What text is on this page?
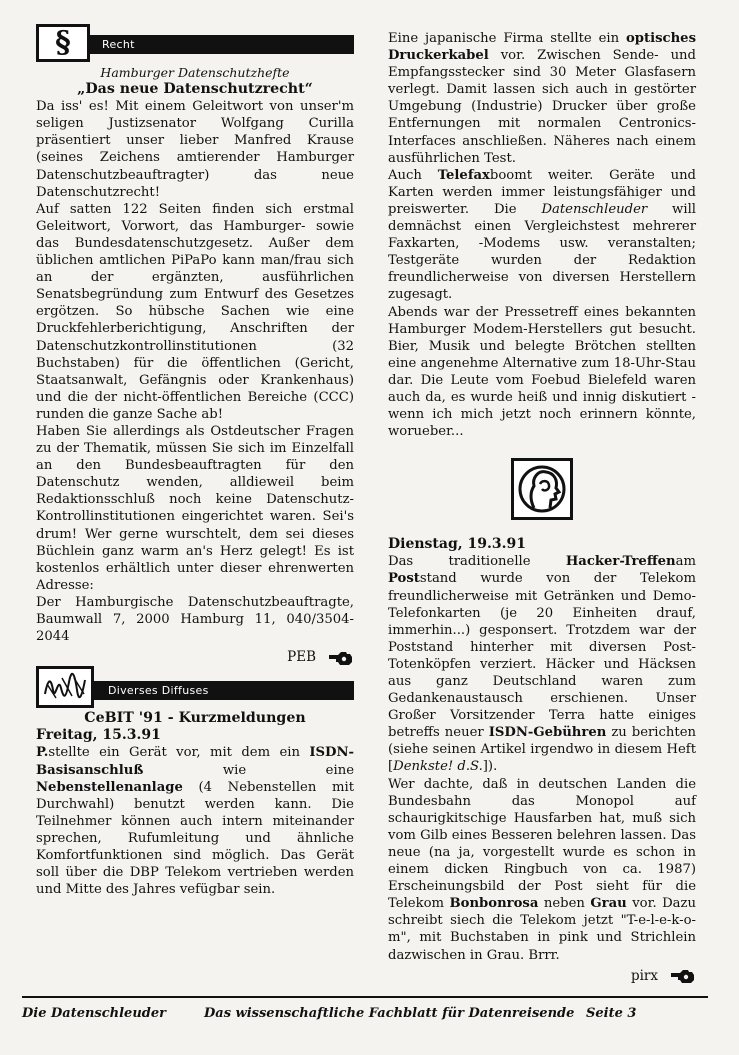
Recht
§
Hamburger Datenschutzhefte
„Das neue Datenschutzrecht“

Da iss' es! Mit einem Geleitwort von unser'm seligen Justizsenator Wolfgang Curilla präsentiert unser lieber Manfred Krause (seines Zeichens amtierender Hamburger Datenschutzbeauftragter) das neue Datenschutzrecht!

Auf satten 122 Seiten finden sich erstmal Geleitwort, Vorwort, das Hamburger- sowie das Bundesdatenschutzgesetz. Außer dem üblichen amtlichen PiPaPo kann man/frau sich an der ergänzten, ausführlichen Senatsbegründung zum Entwurf des Gesetzes ergötzen. So hübsche Sachen wie eine Druckfehlerberichtigung, Anschriften der Datenschutzkontrollinstitutionen (32 Buchstaben) für die öffentlichen (Gericht, Staatsanwalt, Gefängnis oder Krankenhaus) und die der nicht-öffentlichen Bereiche (CCC) runden die ganze Sache ab!

Haben Sie allerdings als Ostdeutscher Fragen zu der Thematik, müssen Sie sich im Einzelfall an den Bundesbeauftragten für den Datenschutz wenden, alldieweil beim Redaktionsschluß noch keine Datenschutz-Kontrollinstitutionen eingerichtet waren. Sei's drum! Wer gerne wurschtelt, dem sei dieses Büchlein ganz warm an's Herz gelegt! Es ist kostenlos erhältlich unter dieser ehrenwerten Adresse:

Der Hamburgische Datenschutzbeauftragte, Baumwall 7, 2000 Hamburg 11, 040/3504-2044

PEB
Diverses Diffuses
CeBIT '91 - Kurzmeldungen
Freitag, 15.3.91

P.stellte ein Gerät vor, mit dem ein ISDN-Basisanschluß wie eine Nebenstellenanlage (4 Nebenstellen mit Durchwahl) benutzt werden kann. Die Teilnehmer können auch intern miteinander sprechen, Rufumleitung und ähnliche Komfortfunktionen sind möglich. Das Gerät soll über die DBP Telekom vertrieben werden und Mitte des Jahres vefügbar sein.

Eine japanische Firma stellte ein optisches Druckerkabel vor. Zwischen Sende- und Empfangsstecker sind 30 Meter Glasfasern verlegt. Damit lassen sich auch in gestörter Umgebung (Industrie) Drucker über große Entfernungen mit normalen Centronics-Interfaces anschließen. Näheres nach einem ausführlichen Test.

Auch Telefaxboomt weiter. Geräte und Karten werden immer leistungsfähiger und preiswerter. Die Datenschleuder will demnächst einen Vergleichstest mehrerer Faxkarten, -Modems usw. veranstalten; Testgeräte wurden der Redaktion freundlicherweise von diversen Herstellern zugesagt.

Abends war der Pressetreff eines bekannten Hamburger Modem-Herstellers gut besucht. Bier, Musik und belegte Brötchen stellten eine angenehme Alternative zum 18-Uhr-Stau dar. Die Leute vom Foebud Bielefeld waren auch da, es wurde heiß und innig diskutiert - wenn ich mich jetzt noch erinnern könnte, worueber...

Dienstag, 19.3.91

Das traditionelle Hacker-Treffenam Poststand wurde von der Telekom freundlicherweise mit Getränken und Demo-Telefonkarten (je 20 Einheiten drauf, immerhin...) gesponsert. Trotzdem war der Poststand hinterher mit diversen Post-Totenköpfen verziert. Häcker und Häcksen aus ganz Deutschland waren zum Gedankenaustausch erschienen. Unser Großer Vorsitzender Terra hatte einiges betreffs neuer ISDN-Gebühren zu berichten (siehe seinen Artikel irgendwo in diesem Heft [Denkste! d.S.]).

Wer dachte, daß in deutschen Landen die Bundesbahn das Monopol auf schaurigkitschige Hausfarben hat, muß sich vom Gilb eines Besseren belehren lassen. Das neue (na ja, vorgestellt wurde es schon in einem dicken Ringbuch von ca. 1987) Erscheinungsbild der Post sieht für die Telekom Bonbonrosa neben Grau vor. Dazu schreibt siech die Telekom jetzt "T-e-l-e-k-o-m", mit Buchstaben in pink und Strichlein dazwischen in Grau. Brrr.

pirx
Die Datenschleuder	Das wissenschaftliche Fachblatt für Datenreisende Seite 3
